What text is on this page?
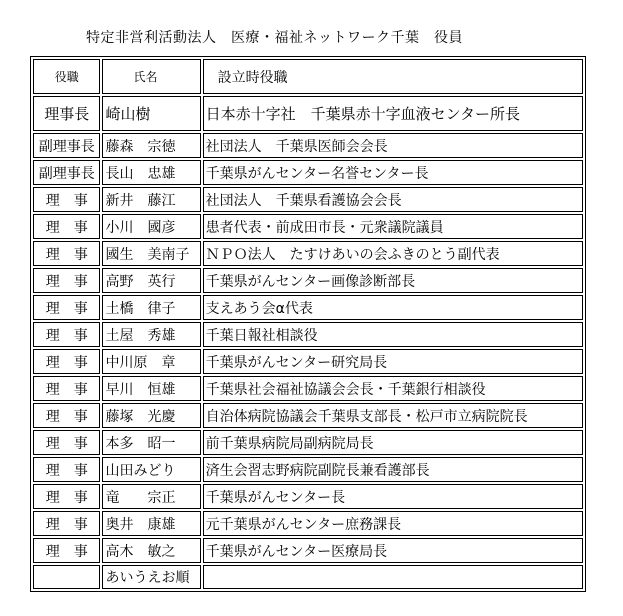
特定非営利活動法人　医療・福祉ネットワーク千葉　役員
役職	氏名	設立時役職
理事長	崎山樹	日本赤十字社　千葉県赤十字血液センター所長
副理事長	藤森　宗徳	社団法人　千葉県医師会会長
副理事長	長山　忠雄	千葉県がんセンター名誉センター長
理　事	新井　藤江	社団法人　千葉県看護協会会長
理　事	小川　國彦	患者代表・前成田市長・元衆議院議員
理　事	國生　美南子	ＮＰＯ法人　たすけあいの会ふきのとう副代表
理　事	高野　英行	千葉県がんセンター画像診断部長
理　事	土橋　律子	支えあう会α代表
理　事	土屋　秀雄	千葉日報社相談役
理　事	中川原　章	千葉県がんセンター研究局長
理　事	早川　恒雄	千葉県社会福祉協議会会長・千葉銀行相談役
理　事	藤塚　光慶	自治体病院協議会千葉県支部長・松戸市立病院院長
理　事	本多　昭一	前千葉県病院局副病院局長
理　事	山田みどり	済生会習志野病院副院長兼看護部長
理　事	竜　　宗正	千葉県がんセンター長
理　事	奥井　康雄	元千葉県がんセンター庶務課長
理　事	高木　敏之	千葉県がんセンター医療局長
	あいうえお順	
